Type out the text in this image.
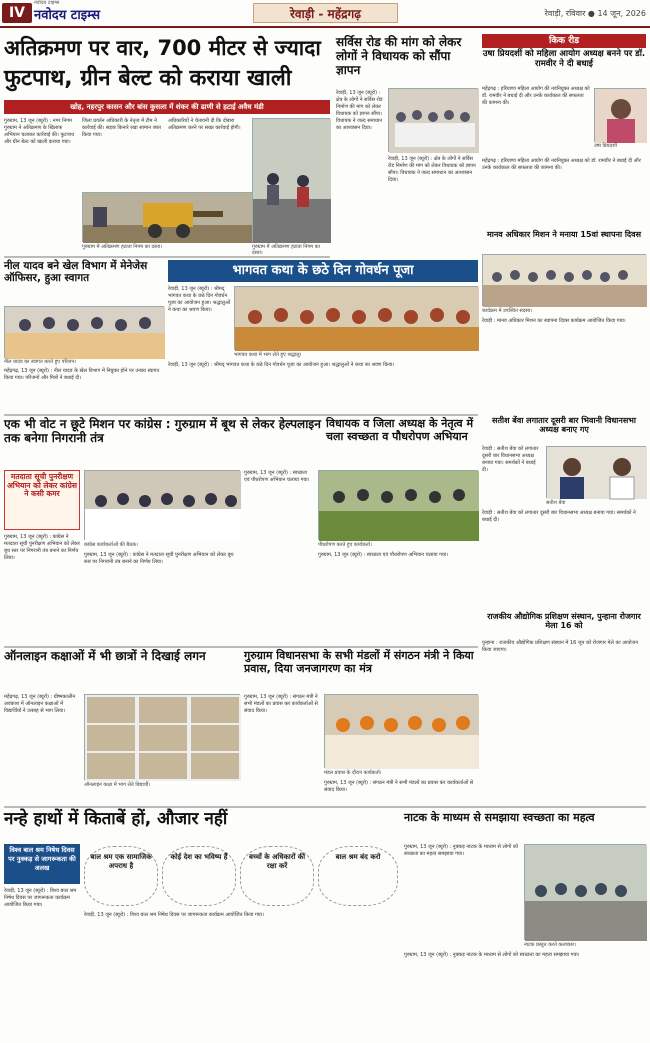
IV
नवोदय टाइम्स
नवोदय टाइम्स	रेवाड़ी - महेंद्रगढ़	रेवाड़ी, रविवार ● 14 जून, 2026
अतिक्रमण पर वार, 700 मीटर से ज्यादा
फुटपाथ, ग्रीन बेल्ट को कराया खाली
खोह, नहरपुर कासन और बांस कुसला में शंकर की ढाणी से हटाई अवैध मंडी
गुरुग्राम, 13 जून (ब्यूरो) : नगर निगम गुरुग्राम ने अतिक्रमण के खिलाफ अभियान चलाकर कार्रवाई की। फुटपाथ और ग्रीन बेल्ट को खाली कराया गया।
जिला प्रवर्तन अधिकारी के नेतृत्व में टीम ने कार्रवाई की। सड़क किनारे रखा सामान जब्त किया गया।
अधिकारियों ने चेतावनी दी कि दोबारा अतिक्रमण करने पर सख्त कार्रवाई होगी।
गुरुग्राम में अतिक्रमण हटाता निगम का दस्ता।	गुरुग्राम में अतिक्रमण हटाता निगम का दस्ता।
सर्विस रोड की मांग को लेकर लोगों ने विधायक को सौंपा ज्ञापन
रेवाड़ी, 13 जून (ब्यूरो) : क्षेत्र के लोगों ने सर्विस रोड निर्माण की मांग को लेकर विधायक को ज्ञापन सौंपा। विधायक ने जल्द समाधान का आश्वासन दिया।
रेवाड़ी, 13 जून (ब्यूरो) : क्षेत्र के लोगों ने सर्विस रोड निर्माण की मांग को लेकर विधायक को ज्ञापन सौंपा। विधायक ने जल्द समाधान का आश्वासन दिया।
किक रीड
उषा प्रियदर्शी को महिला आयोग अध्यक्ष बनने पर डॉ. रामवीर ने दी बधाई
महेंद्रगढ़ : हरियाणा महिला आयोग की नवनियुक्त अध्यक्ष को डॉ. रामवीर ने बधाई दी और उनके कार्यकाल की सफलता की कामना की।
उषा प्रियदर्शी
महेंद्रगढ़ : हरियाणा महिला आयोग की नवनियुक्त अध्यक्ष को डॉ. रामवीर ने बधाई दी और उनके कार्यकाल की सफलता की कामना की।
मानव अधिकार मिशन ने मनाया 15वां स्थापना दिवस
कार्यक्रम में उपस्थित सदस्य।
रेवाड़ी : मानव अधिकार मिशन का स्थापना दिवस कार्यक्रम आयोजित किया गया।
नील यादव बने खेल विभाग में मेनेजेस ऑफिसर, हुआ स्वागत
नील यादव का स्वागत करते हुए परिजन।
महेंद्रगढ़, 13 जून (ब्यूरो) : नील यादव के खेल विभाग में नियुक्त होने पर उनका स्वागत किया गया। परिजनों और मित्रों ने बधाई दी।
भागवत कथा के छठे दिन गोवर्धन पूजा
रेवाड़ी, 13 जून (ब्यूरो) : श्रीमद् भागवत कथा के छठे दिन गोवर्धन पूजा का आयोजन हुआ। श्रद्धालुओं ने कथा का श्रवण किया।
भागवत कथा में भाग लेते हुए श्रद्धालु।
रेवाड़ी, 13 जून (ब्यूरो) : श्रीमद् भागवत कथा के छठे दिन गोवर्धन पूजा का आयोजन हुआ। श्रद्धालुओं ने कथा का श्रवण किया।
सतीश बेंवा लगातार दूसरी बार भिवानी विधानसभा अध्यक्ष बनाए गए
रेवाड़ी : सतीश बेंवा को लगातार दूसरी बार विधानसभा अध्यक्ष बनाया गया। समर्थकों ने बधाई दी।
सतीश बेंवा
रेवाड़ी : सतीश बेंवा को लगातार दूसरी बार विधानसभा अध्यक्ष बनाया गया। समर्थकों ने बधाई दी।
एक भी वोट न छूटे मिशन पर कांग्रेस : गुरुग्राम में बूथ से लेकर हेल्पलाइन तक बनेगा निगरानी तंत्र
मतदाता सूची पुनरीक्षण अभियान को लेकर कांग्रेस ने कसी कमर
गुरुग्राम, 13 जून (ब्यूरो) : कांग्रेस ने मतदाता सूची पुनरीक्षण अभियान को लेकर बूथ स्तर पर निगरानी तंत्र बनाने का निर्णय लिया।
कांग्रेस कार्यकर्ताओं की बैठक।
गुरुग्राम, 13 जून (ब्यूरो) : कांग्रेस ने मतदाता सूची पुनरीक्षण अभियान को लेकर बूथ स्तर पर निगरानी तंत्र बनाने का निर्णय लिया।
विधायक व जिला अध्यक्ष के नेतृत्व में चला स्वच्छता व पौधरोपण अभियान
गुरुग्राम, 13 जून (ब्यूरो) : स्वच्छता एवं पौधरोपण अभियान चलाया गया।
पौधरोपण करते हुए कार्यकर्ता।
गुरुग्राम, 13 जून (ब्यूरो) : स्वच्छता एवं पौधरोपण अभियान चलाया गया।
राजकीय औद्योगिक प्रशिक्षण संस्थान, पुन्हाना रोजगार मेला 16 को
पुन्हाना : राजकीय औद्योगिक प्रशिक्षण संस्थान में 16 जून को रोजगार मेले का आयोजन किया जाएगा।
ऑनलाइन कक्षाओं में भी छात्रों ने दिखाई लगन
महेंद्रगढ़, 13 जून (ब्यूरो) : ग्रीष्मकालीन अवकाश में ऑनलाइन कक्षाओं में विद्यार्थियों ने उत्साह से भाग लिया।
ऑनलाइन कक्षा में भाग लेते विद्यार्थी।
गुरुग्राम विधानसभा के सभी मंडलों में संगठन मंत्री ने किया प्रवास, दिया जनजागरण का मंत्र
गुरुग्राम, 13 जून (ब्यूरो) : संगठन मंत्री ने सभी मंडलों का प्रवास कर कार्यकर्ताओं से संवाद किया।
मंडल प्रवास के दौरान कार्यकर्ता।
गुरुग्राम, 13 जून (ब्यूरो) : संगठन मंत्री ने सभी मंडलों का प्रवास कर कार्यकर्ताओं से संवाद किया।
नन्हे हाथों में किताबें हों, औजार नहीं
विश्व बाल श्रम निषेध दिवस पर नुक्कड़ से जागरूकता की अलख
रेवाड़ी, 13 जून (ब्यूरो) : विश्व बाल श्रम निषेध दिवस पर जागरूकता कार्यक्रम आयोजित किया गया।
बाल श्रम एक सामाजिक अपराध है
कोई देश का भविष्य हैं	बच्चों के अधिकारों की रक्षा करें
बाल श्रम बंद करो
रेवाड़ी, 13 जून (ब्यूरो) : विश्व बाल श्रम निषेध दिवस पर जागरूकता कार्यक्रम आयोजित किया गया।
नाटक के माध्यम से समझाया स्वच्छता का महत्व
गुरुग्राम, 13 जून (ब्यूरो) : नुक्कड़ नाटक के माध्यम से लोगों को स्वच्छता का महत्व समझाया गया।
नाटक प्रस्तुत करते कलाकार।
गुरुग्राम, 13 जून (ब्यूरो) : नुक्कड़ नाटक के माध्यम से लोगों को स्वच्छता का महत्व समझाया गया।
